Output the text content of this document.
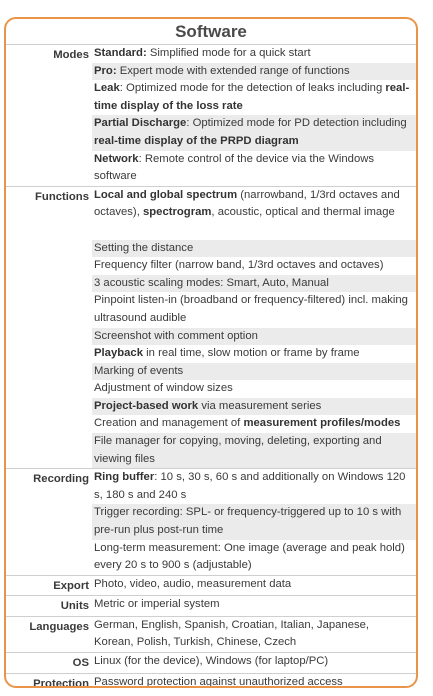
Software
Modes Standard: Simplified mode for a quick start
Pro: Expert mode with extended range of functions
Leak: Optimized mode for the detection of leaks including real-time display of the loss rate
Partial Discharge: Optimized mode for PD detection including real-time display of the PRPD diagram
Network: Remote control of the device via the Windows software
Functions Local and global spectrum (narrowband, 1/3rd octaves and octaves), spectrogram, acoustic, optical and thermal image
Setting the distance
Frequency filter (narrow band, 1/3rd octaves and octaves)
3 acoustic scaling modes: Smart, Auto, Manual
Pinpoint listen-in (broadband or frequency-filtered) incl. making ultrasound audible
Screenshot with comment option
Playback in real time, slow motion or frame by frame
Marking of events
Adjustment of window sizes
Project-based work via measurement series
Creation and management of measurement profiles/modes
File manager for copying, moving, deleting, exporting and viewing files
Recording Ring buffer: 10 s, 30 s, 60 s and additionally on Windows 120 s, 180 s and 240 s
Trigger recording: SPL- or frequency-triggered up to 10 s with pre-run plus post-run time
Long-term measurement: One image (average and peak hold) every 20 s to 900 s (adjustable)
Export Photo, video, audio, measurement data
Units Metric or imperial system
Languages German, English, Spanish, Croatian, Italian, Japanese, Korean, Polish, Turkish, Chinese, Czech
OS Linux (for the device), Windows (for laptop/PC)
Protection Password protection against unauthorized access
